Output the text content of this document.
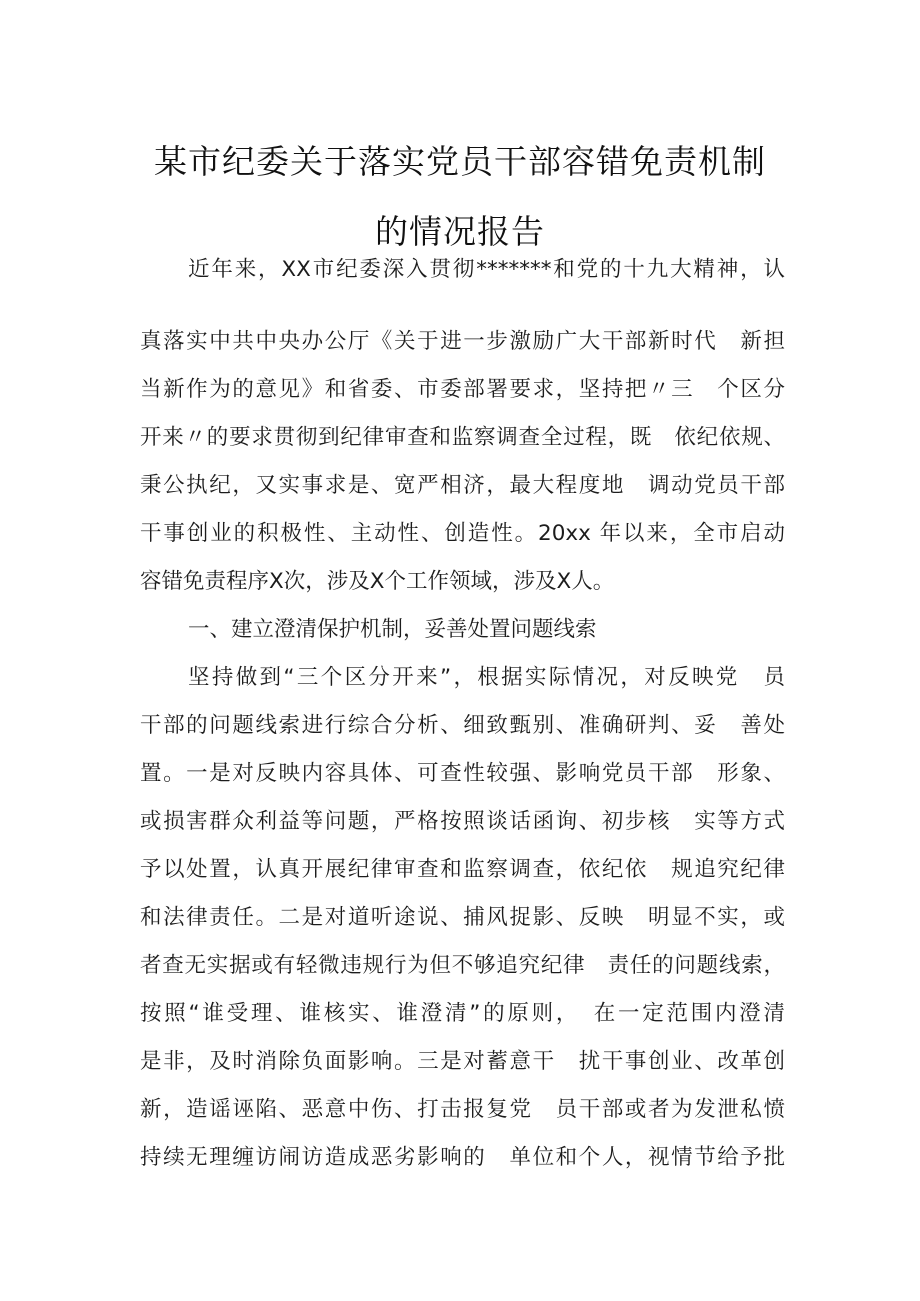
某市纪委关于落实党员干部容错免责机制
的情况报告
近年来，XX市纪委深入贯彻*******和党的十九大精神，认
真落实中共中央办公厅《关于进一步激励广大干部新时代　新担
当新作为的意见》和省委、市委部署要求，坚持把〃三　个区分
开来〃的要求贯彻到纪律审查和监察调查全过程，既　依纪依规、
秉公执纪，又实事求是、宽严相济，最大程度地　调动党员干部
干事创业的积极性、主动性、创造性。20xx 年以来，全市启动
容错免责程序X次，涉及X个工作领域，涉及X人。
一、建立澄清保护机制，妥善处置问题线索
坚持做到“三个区分开来”，根据实际情况，对反映党　员
干部的问题线索进行综合分析、细致甄别、准确研判、妥　善处
置。一是对反映内容具体、可查性较强、影响党员干部　形象、
或损害群众利益等问题，严格按照谈话函询、初步核　实等方式
予以处置，认真开展纪律审查和监察调查，依纪依　规追究纪律
和法律责任。二是对道听途说、捕风捉影、反映　明显不实，或
者查无实据或有轻微违规行为但不够追究纪律　责任的问题线索，
按照“谁受理、谁核实、谁澄清”的原则，　在一定范围内澄清
是非，及时消除负面影响。三是对蓄意干　扰干事创业、改革创
新，造谣诬陷、恶意中伤、打击报复党　员干部或者为发泄私愤
持续无理缠访闹访造成恶劣影响的　单位和个人，视情节给予批
